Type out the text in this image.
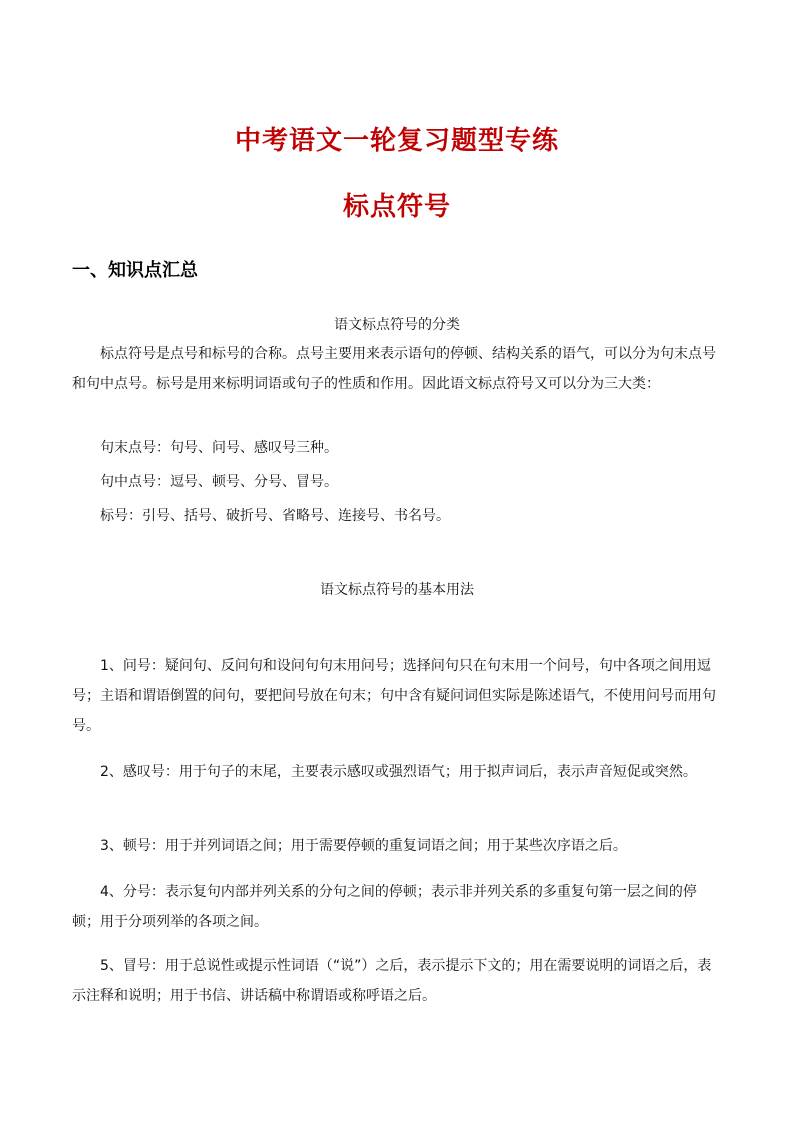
中考语文一轮复习题型专练
标点符号
一、知识点汇总

语文标点符号的分类

标点符号是点号和标号的合称。点号主要用来表示语句的停顿、结构关系的语气，可以分为句末点号和句中点号。标号是用来标明词语或句子的性质和作用。因此语文标点符号又可以分为三大类：

句末点号：句号、问号、感叹号三种。

句中点号：逗号、顿号、分号、冒号。

标号：引号、括号、破折号、省略号、连接号、书名号。

语文标点符号的基本用法

1、问号：疑问句、反问句和设问句句末用问号；选择问句只在句末用一个问号，句中各项之间用逗号；主语和谓语倒置的问句，要把问号放在句末；句中含有疑问词但实际是陈述语气，不使用问号而用句号。

2、感叹号：用于句子的末尾，主要表示感叹或强烈语气；用于拟声词后，表示声音短促或突然。

3、顿号：用于并列词语之间；用于需要停顿的重复词语之间；用于某些次序语之后。

4、分号：表示复句内部并列关系的分句之间的停顿；表示非并列关系的多重复句第一层之间的停顿；用于分项列举的各项之间。

5、冒号：用于总说性或提示性词语（“说”）之后，表示提示下文的；用在需要说明的词语之后，表示注释和说明；用于书信、讲话稿中称谓语或称呼语之后。
